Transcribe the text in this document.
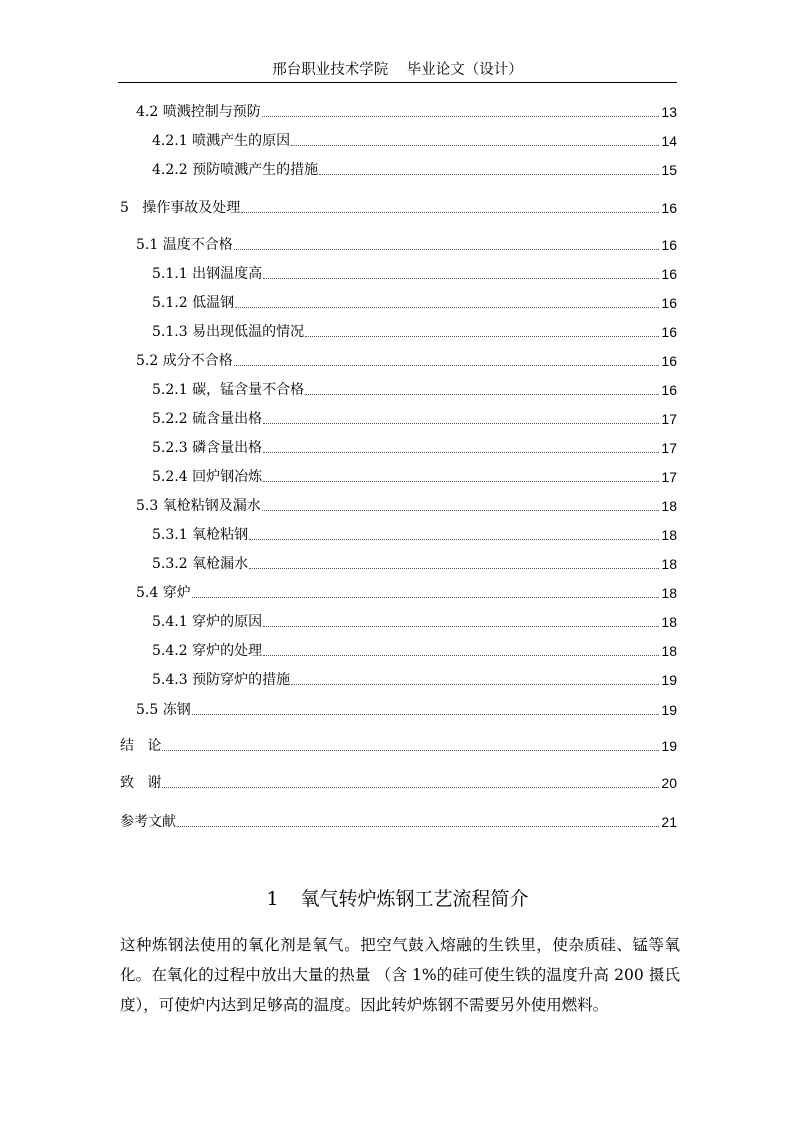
邢台职业技术学院 毕业论文（设计）
4.2 喷溅控制与预防	13
4.2.1 喷溅产生的原因	14
4.2.2 预防喷溅产生的措施	15
5   操作事故及处理	16
5.1 温度不合格	16
5.1.1 出钢温度高	16
5.1.2 低温钢	16
5.1.3 易出现低温的情况	16
5.2 成分不合格	16
5.2.1 碳，锰含量不合格	16
5.2.2 硫含量出格	17
5.2.3 磷含量出格	17
5.2.4 回炉钢冶炼	17
5.3 氧枪粘钢及漏水	18
5.3.1 氧枪粘钢	18
5.3.2 氧枪漏水	18
5.4 穿炉	18
5.4.1 穿炉的原因	18
5.4.2 穿炉的处理	18
5.4.3 预防穿炉的措施	19
5.5 冻钢	19
结   论	19
致   谢	20
参考文献	21
1 氧气转炉炼钢工艺流程简介
这种炼钢法使用的氧化剂是氧气。把空气鼓入熔融的生铁里，使杂质硅、锰等氧化。在氧化的过程中放出大量的热量 （含 1%的硅可使生铁的温度升高 200 摄氏度），可使炉内达到足够高的温度。因此转炉炼钢不需要另外使用燃料。
